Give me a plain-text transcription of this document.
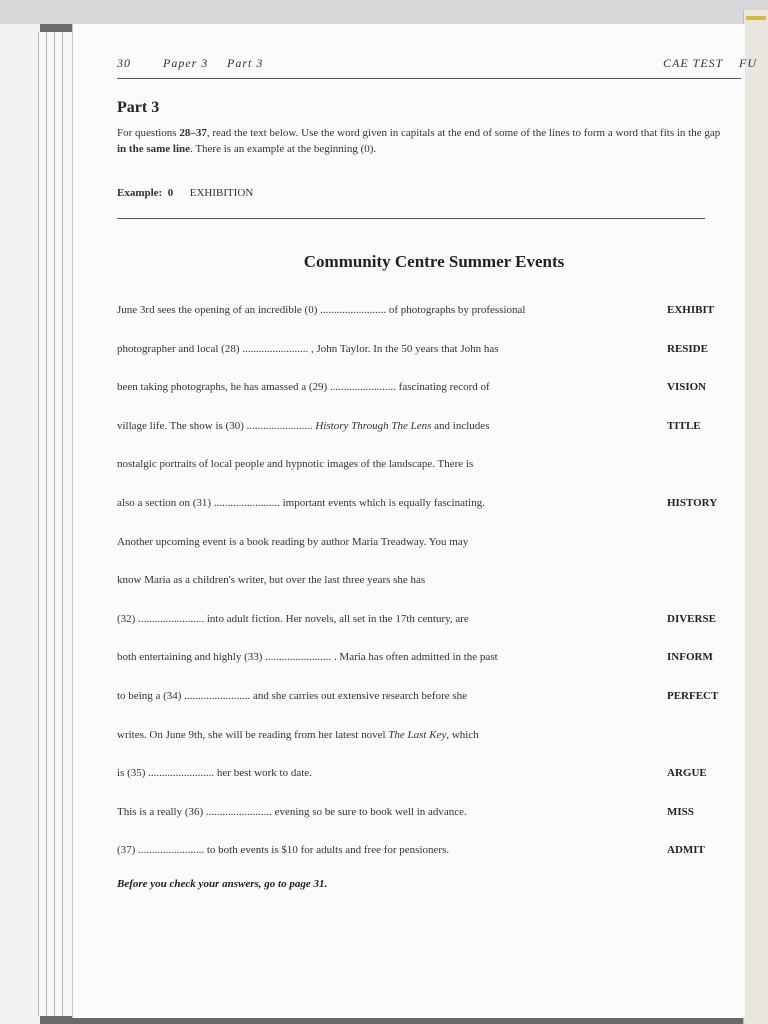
30	Paper 3 Part 3	CAE TEST FU
Part 3
For questions 28–37, read the text below. Use the word given in capitals at the end of some of the lines to form a word that fits in the gap in the same line. There is an example at the beginning (0).
Example: 0 EXHIBITION
Community Centre Summer Events
June 3rd sees the opening of an incredible (0) ........................ of photographs by professional	EXHIBIT
photographer and local (28) ........................ , John Taylor. In the 50 years that John has	RESIDE
been taking photographs, he has amassed a (29) ........................ fascinating record of	VISION
village life. The show is (30) ........................ History Through The Lens and includes	TITLE
nostalgic portraits of local people and hypnotic images of the landscape. There is
also a section on (31) ........................ important events which is equally fascinating.	HISTORY
Another upcoming event is a book reading by author Maria Treadway. You may
know Maria as a children's writer, but over the last three years she has
(32) ........................ into adult fiction. Her novels, all set in the 17th century, are	DIVERSE
both entertaining and highly (33) ........................ . Maria has often admitted in the past	INFORM
to being a (34) ........................ and she carries out extensive research before she	PERFECT
writes. On June 9th, she will be reading from her latest novel The Last Key, which
is (35) ........................ her best work to date.	ARGUE
This is a really (36) ........................ evening so be sure to book well in advance.	MISS
(37) ........................ to both events is $10 for adults and free for pensioners.	ADMIT
Before you check your answers, go to page 31.
